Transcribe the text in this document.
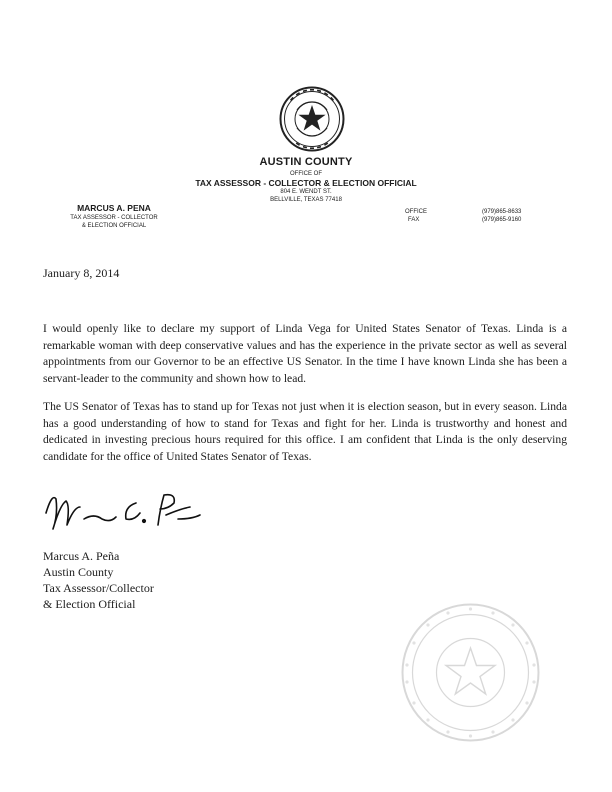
AUSTIN COUNTY
OFFICE OF
TAX ASSESSOR - COLLECTOR & ELECTION OFFICIAL
804 E. WENDT ST.
BELLVILLE, TEXAS 77418
MARCUS A. PENA
TAX ASSESSOR - COLLECTOR
& ELECTION OFFICIAL
OFFICE	(979)865-8633
FAX	(979)865-9160
January 8, 2014

I would openly like to declare my support of Linda Vega for United States Senator of Texas. Linda is a remarkable woman with deep conservative values and has the experience in the private sector as well as several appointments from our Governor to be an effective US Senator. In the time I have known Linda she has been a servant-leader to the community and shown how to lead.

The US Senator of Texas has to stand up for Texas not just when it is election season, but in every season. Linda has a good understanding of how to stand for Texas and fight for her. Linda is trustworthy and honest and dedicated in investing precious hours required for this office. I am confident that Linda is the only deserving candidate for the office of United States Senator of Texas.

Marcus A. Peña
Austin County
Tax Assessor/Collector
& Election Official
